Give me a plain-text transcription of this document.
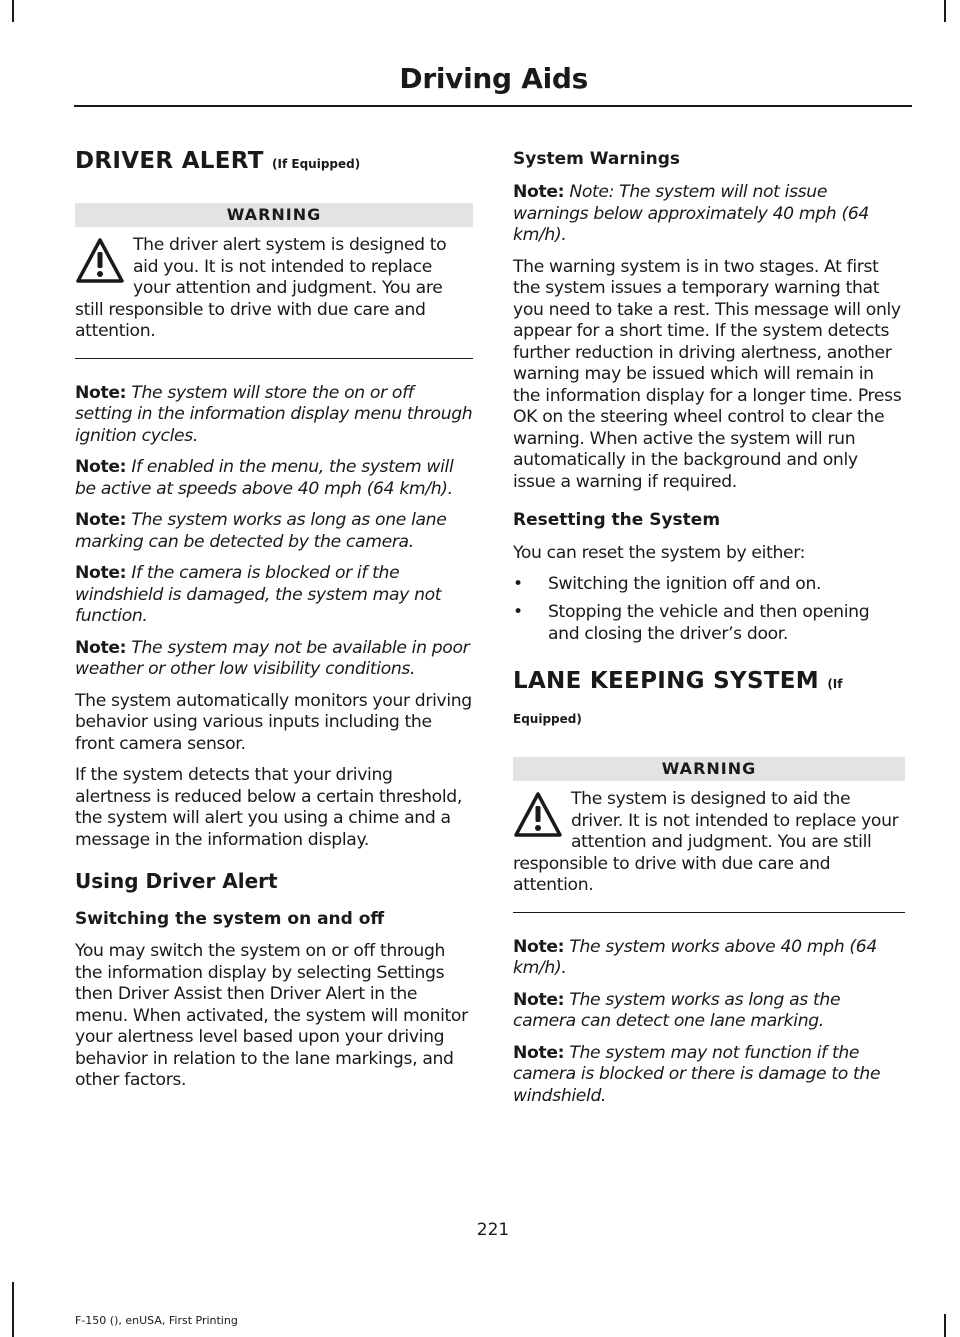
Driving Aids
DRIVER ALERT (If Equipped)
WARNING

The driver alert system is designed to aid you. It is not intended to replace your attention and judgment. You are still responsible to drive with due care and attention.

Note: The system will store the on or off setting in the information display menu through ignition cycles.

Note: If enabled in the menu, the system will be active at speeds above 40 mph (64 km/h).

Note: The system works as long as one lane marking can be detected by the camera.

Note: If the camera is blocked or if the windshield is damaged, the system may not function.

Note: The system may not be available in poor weather or other low visibility conditions.

The system automatically monitors your driving behavior using various inputs including the front camera sensor.

If the system detects that your driving alertness is reduced below a certain threshold, the system will alert you using a chime and a message in the information display.

Using Driver Alert
Switching the system on and off

You may switch the system on or off through the information display by selecting Settings then Driver Assist then Driver Alert in the menu. When activated, the system will monitor your alertness level based upon your driving behavior in relation to the lane markings, and other factors.

System Warnings

Note: Note: The system will not issue warnings below approximately 40 mph (64 km/h).

The warning system is in two stages. At first the system issues a temporary warning that you need to take a rest. This message will only appear for a short time. If the system detects further reduction in driving alertness, another warning may be issued which will remain in the information display for a longer time. Press OK on the steering wheel control to clear the warning. When active the system will run automatically in the background and only issue a warning if required.

Resetting the System

You can reset the system by either:

• Switching the ignition off and on.
• Stopping the vehicle and then opening and closing the driver’s door.
LANE KEEPING SYSTEM (If
Equipped)
WARNING

The system is designed to aid the driver. It is not intended to replace your attention and judgment. You are still responsible to drive with due care and attention.

Note: The system works above 40 mph (64 km/h).

Note: The system works as long as the camera can detect one lane marking.

Note: The system may not function if the camera is blocked or there is damage to the windshield.

221
F-150 (), enUSA, First Printing
